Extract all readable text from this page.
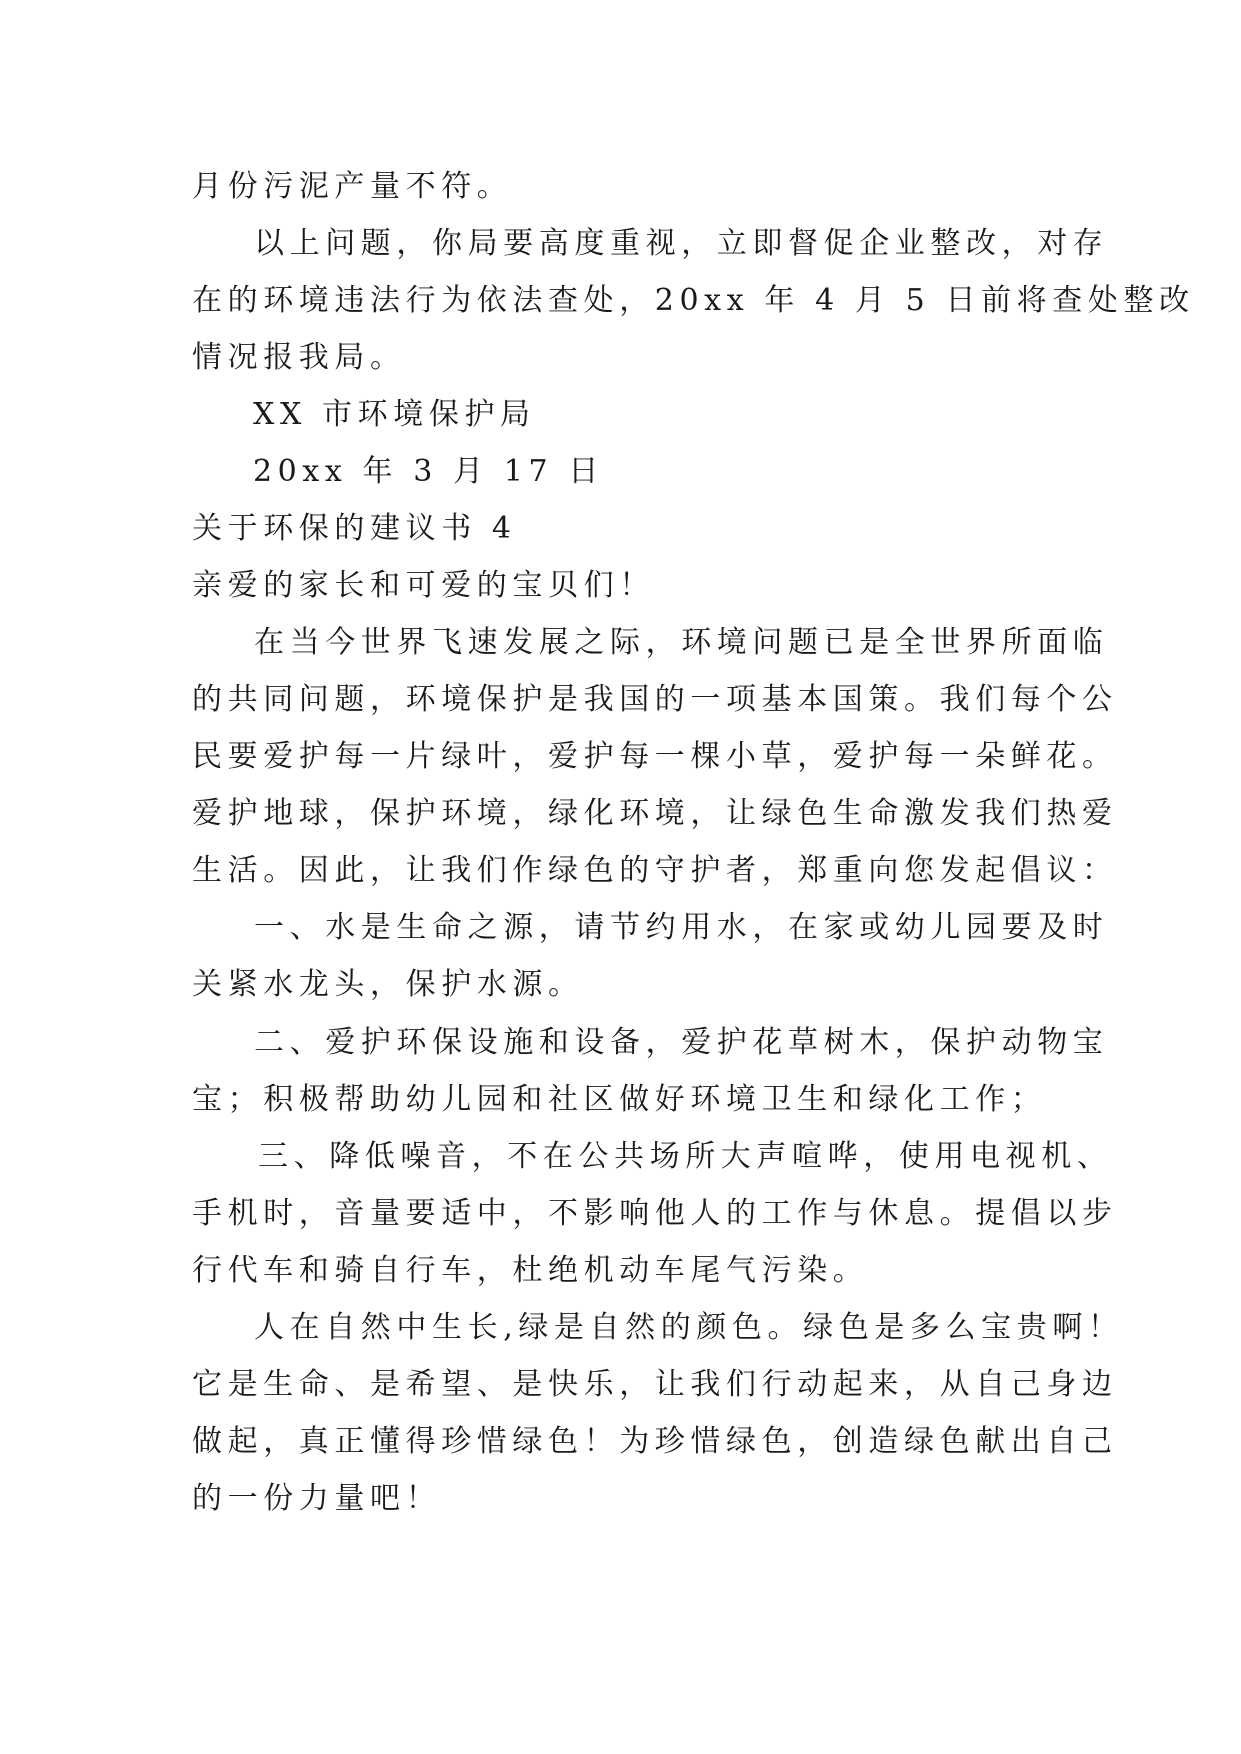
月份污泥产量不符。
以上问题，你局要高度重视，立即督促企业整改，对存
在的环境违法行为依法查处，20xx 年 4 月 5 日前将查处整改
情况报我局。
XX 市环境保护局
20xx 年 3 月 17 日
关于环保的建议书 4
亲爱的家长和可爱的宝贝们！
在当今世界飞速发展之际，环境问题已是全世界所面临
的共同问题，环境保护是我国的一项基本国策。我们每个公
民要爱护每一片绿叶，爱护每一棵小草，爱护每一朵鲜花。
爱护地球，保护环境，绿化环境，让绿色生命激发我们热爱
生活。因此，让我们作绿色的守护者，郑重向您发起倡议：
一、水是生命之源，请节约用水，在家或幼儿园要及时
关紧水龙头，保护水源。
二、爱护环保设施和设备，爱护花草树木，保护动物宝
宝；积极帮助幼儿园和社区做好环境卫生和绿化工作；
三、降低噪音，不在公共场所大声喧哗，使用电视机、
手机时，音量要适中，不影响他人的工作与休息。提倡以步
行代车和骑自行车，杜绝机动车尾气污染。
人在自然中生长,绿是自然的颜色。绿色是多么宝贵啊！
它是生命、是希望、是快乐，让我们行动起来，从自己身边
做起，真正懂得珍惜绿色！为珍惜绿色，创造绿色献出自己
的一份力量吧！
